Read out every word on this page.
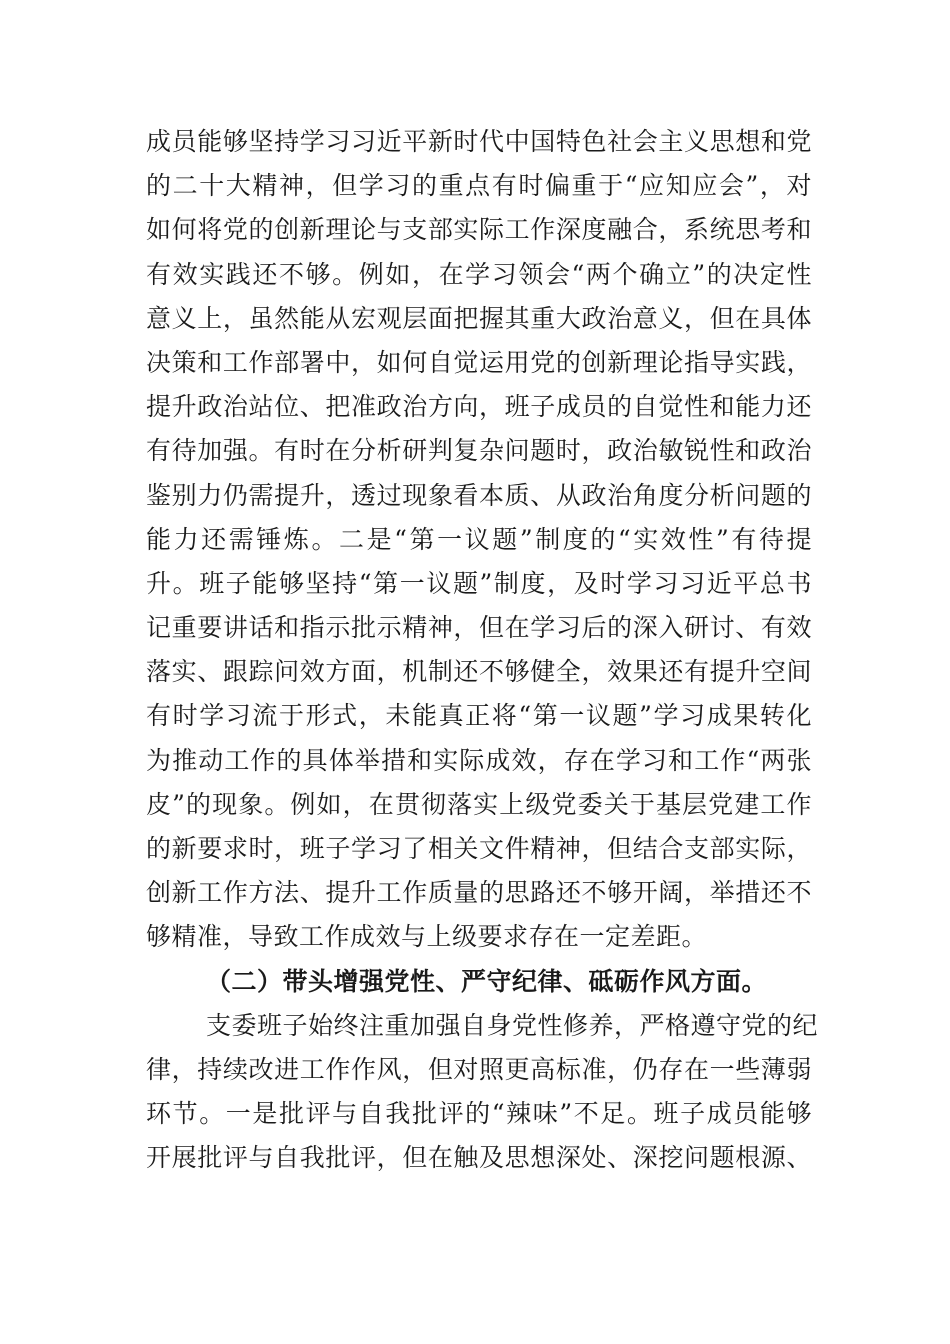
成员能够坚持学习习近平新时代中国特色社会主义思想和党
的二十大精神，但学习的重点有时偏重于“应知应会”，对
如何将党的创新理论与支部实际工作深度融合，系统思考和
有效实践还不够。例如，在学习领会“两个确立”的决定性
意义上，虽然能从宏观层面把握其重大政治意义，但在具体
决策和工作部署中，如何自觉运用党的创新理论指导实践，
提升政治站位、把准政治方向，班子成员的自觉性和能力还
有待加强。有时在分析研判复杂问题时，政治敏锐性和政治
鉴别力仍需提升，透过现象看本质、从政治角度分析问题的
能力还需锤炼。二是“第一议题”制度的“实效性”有待提
升。班子能够坚持“第一议题”制度，及时学习习近平总书
记重要讲话和指示批示精神，但在学习后的深入研讨、有效
落实、跟踪问效方面，机制还不够健全，效果还有提升空间
有时学习流于形式，未能真正将“第一议题”学习成果转化
为推动工作的具体举措和实际成效，存在学习和工作“两张
皮”的现象。例如，在贯彻落实上级党委关于基层党建工作
的新要求时，班子学习了相关文件精神，但结合支部实际，
创新工作方法、提升工作质量的思路还不够开阔，举措还不
够精准，导致工作成效与上级要求存在一定差距。
（二）带头增强党性、严守纪律、砥砺作风方面。
支委班子始终注重加强自身党性修养，严格遵守党的纪
律，持续改进工作作风，但对照更高标准，仍存在一些薄弱
环节。一是批评与自我批评的“辣味”不足。班子成员能够
开展批评与自我批评，但在触及思想深处、深挖问题根源、
